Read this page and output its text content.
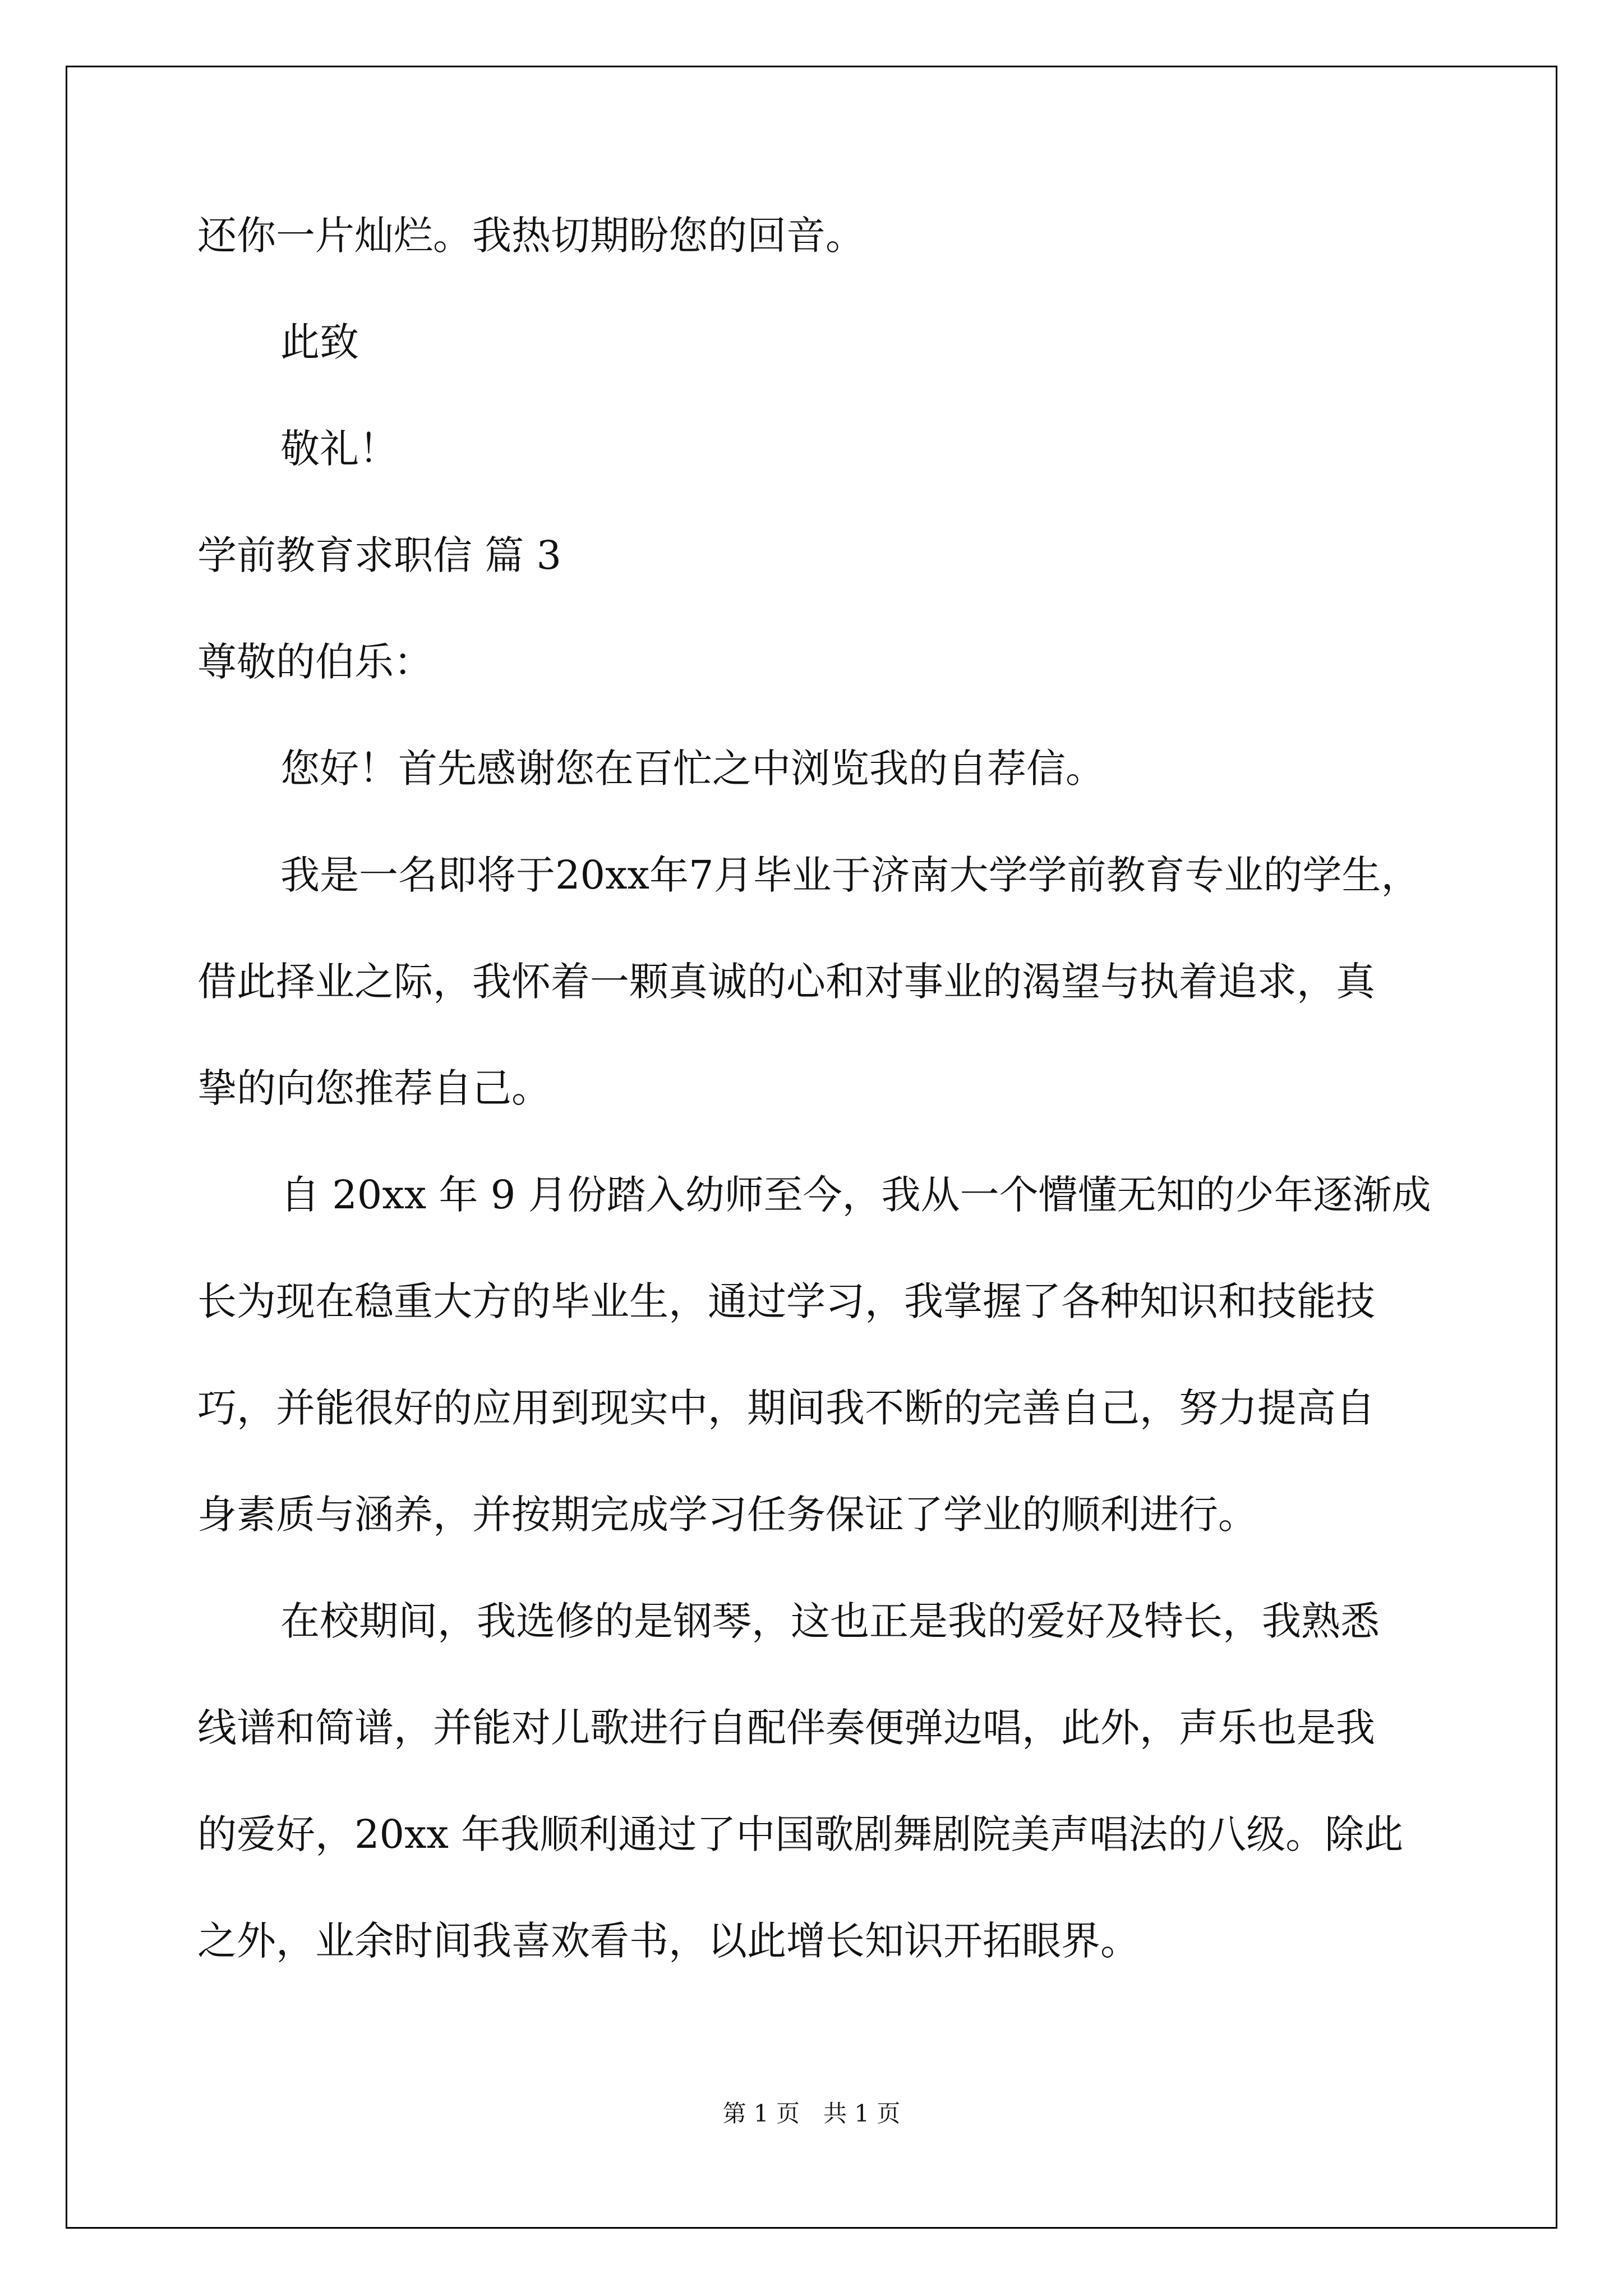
还你一片灿烂。我热切期盼您的回音。
此致
敬礼！
学前教育求职信 篇 3
尊敬的伯乐：
您好！首先感谢您在百忙之中浏览我的自荐信。
我是一名即将于20xx年7月毕业于济南大学学前教育专业的学生，
借此择业之际，我怀着一颗真诚的心和对事业的渴望与执着追求，真
挚的向您推荐自己。
自 20xx 年 9 月份踏入幼师至今，我从一个懵懂无知的少年逐渐成
长为现在稳重大方的毕业生，通过学习，我掌握了各种知识和技能技
巧，并能很好的应用到现实中，期间我不断的完善自己，努力提高自
身素质与涵养，并按期完成学习任务保证了学业的顺利进行。
在校期间，我选修的是钢琴，这也正是我的爱好及特长，我熟悉
线谱和简谱，并能对儿歌进行自配伴奏便弹边唱，此外，声乐也是我
的爱好，20xx 年我顺利通过了中国歌剧舞剧院美声唱法的八级。除此
之外，业余时间我喜欢看书，以此增长知识开拓眼界。
第 1 页　共 1 页
